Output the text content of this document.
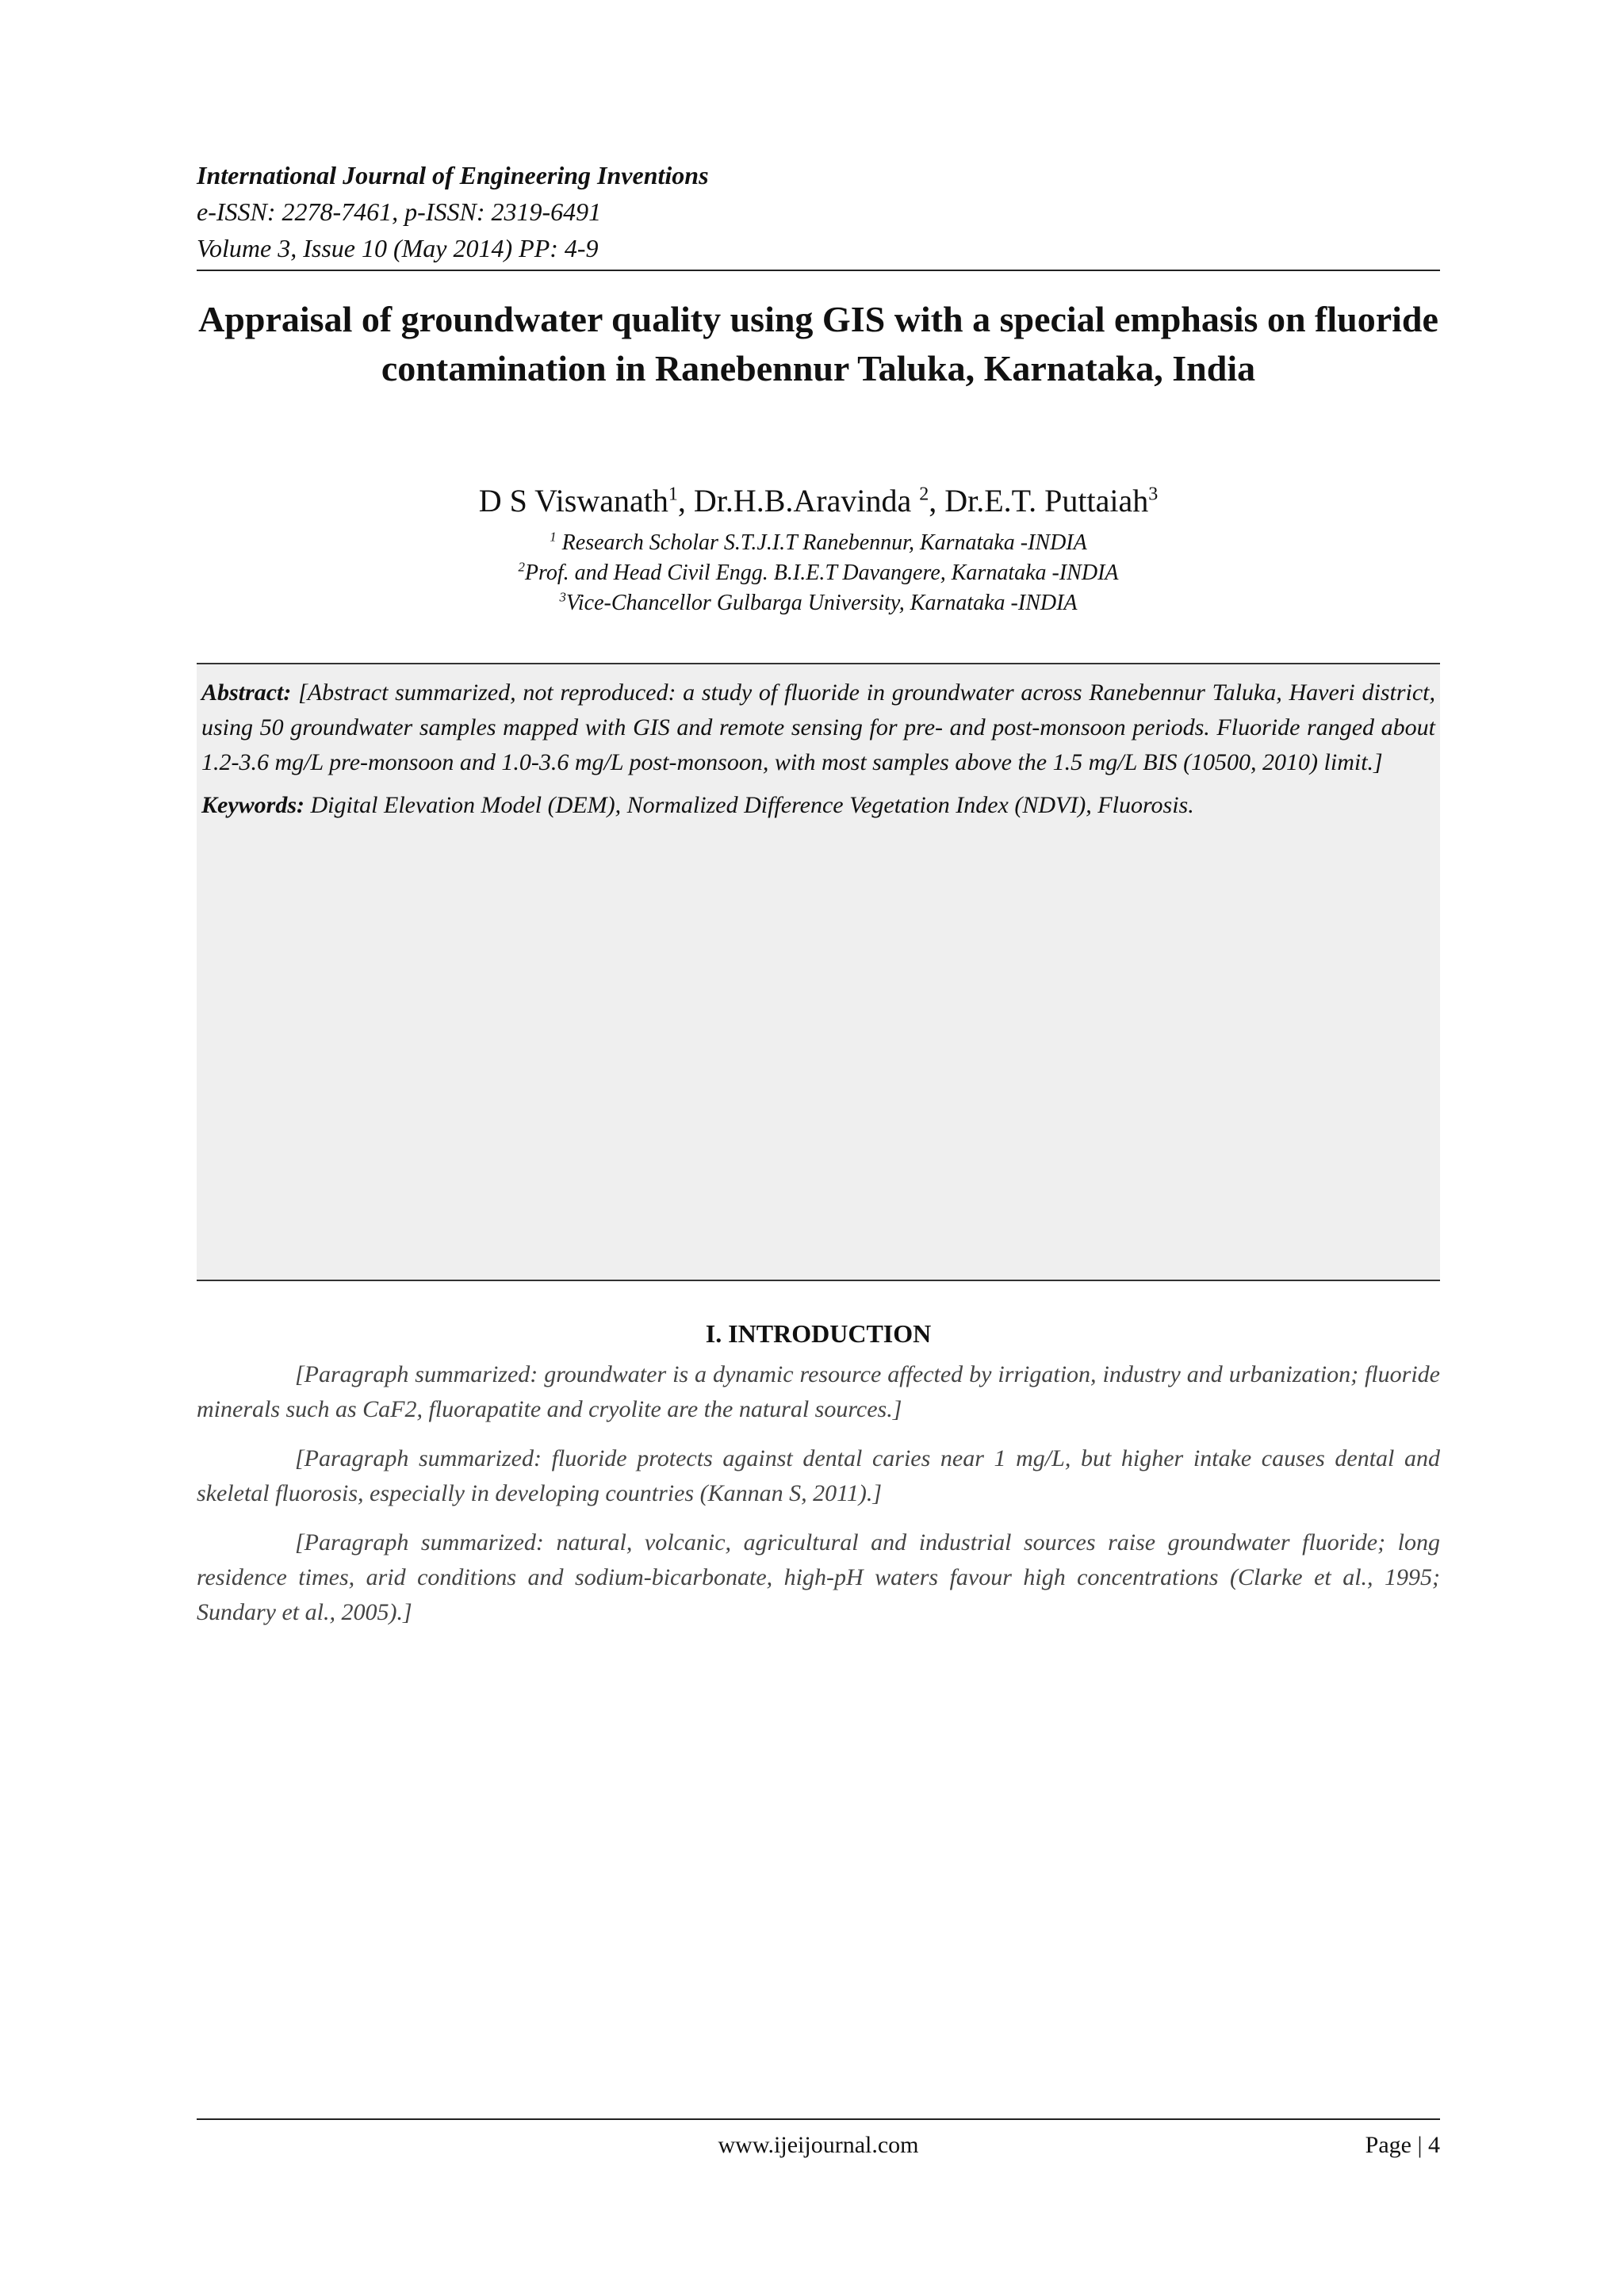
International Journal of Engineering Inventions
e-ISSN: 2278-7461, p-ISSN: 2319-6491
Volume 3, Issue 10 (May 2014) PP: 4-9
Appraisal of groundwater quality using GIS with a special emphasis on fluoride contamination in Ranebennur Taluka, Karnataka, India
D S Viswanath$^1$, Dr.H.B.Aravinda $^2$, Dr.E.T. Puttaiah$^3$
$^1$ Research Scholar S.T.J.I.T Ranebennur, Karnataka -INDIA
$^2$Prof. and Head Civil Engg. B.I.E.T Davangere, Karnataka -INDIA
$^3$Vice-Chancellor Gulbarga University, Karnataka -INDIA

Abstract: [Abstract summarized, not reproduced: a study of fluoride in groundwater across Ranebennur Taluka, Haveri district, using 50 groundwater samples mapped with GIS and remote sensing for pre- and post-monsoon periods. Fluoride ranged about 1.2-3.6 mg/L pre-monsoon and 1.0-3.6 mg/L post-monsoon, with most samples above the 1.5 mg/L BIS (10500, 2010) limit.]

Keywords: Digital Elevation Model (DEM), Normalized Difference Vegetation Index (NDVI), Fluorosis.

I. INTRODUCTION

[Paragraph summarized: groundwater is a dynamic resource affected by irrigation, industry and urbanization; fluoride minerals such as CaF2, fluorapatite and cryolite are the natural sources.]

[Paragraph summarized: fluoride protects against dental caries near 1 mg/L, but higher intake causes dental and skeletal fluorosis, especially in developing countries (Kannan S, 2011).]

[Paragraph summarized: natural, volcanic, agricultural and industrial sources raise groundwater fluoride; long residence times, arid conditions and sodium-bicarbonate, high-pH waters favour high concentrations (Clarke et al., 1995; Sundary et al., 2005).]

www.ijeijournal.com	Page | 4
